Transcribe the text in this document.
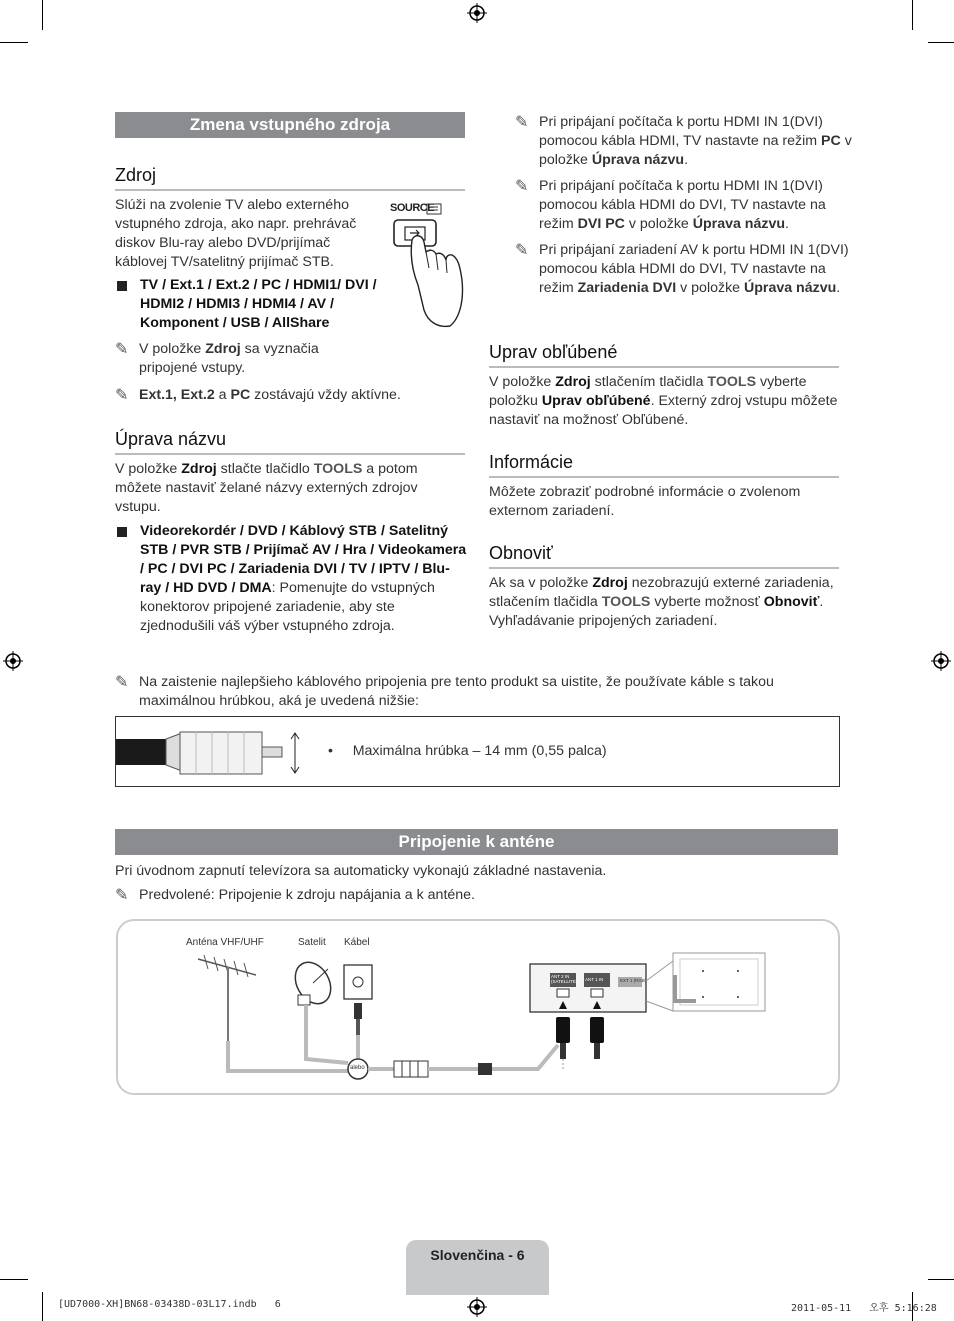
Zmena vstupného zdroja
Zdroj

Slúži na zvolenie TV alebo externého vstupného zdroja, ako napr. prehrávač diskov Blu-ray alebo DVD/prijímač káblovej TV/satelitný prijímač STB.

SOURCE
TV / Ext.1 / Ext.2 / PC / HDMI1/ DVI / HDMI2 / HDMI3 / HDMI4 / AV / Komponent / USB / AllShare
✎ V položke Zdroj sa vyznačia pripojené vstupy.
✎ Ext.1, Ext.2 a PC zostávajú vždy aktívne.
Úprava názvu

V položke Zdroj stlačte tlačidlo TOOLS a potom môžete nastaviť želané názvy externých zdrojov vstupu.

Videorekordér / DVD / Káblový STB / Satelitný STB / PVR STB / Prijímač AV / Hra / Videokamera / PC / DVI PC / Zariadenia DVI / TV / IPTV / Blu-ray / HD DVD / DMA: Pomenujte do vstupných konektorov pripojené zariadenie, aby ste zjednodušili váš výber vstupného zdroja.
✎ Pri pripájaní počítača k portu HDMI IN 1(DVI) pomocou kábla HDMI, TV nastavte na režim PC v položke Úprava názvu.
✎ Pri pripájaní počítača k portu HDMI IN 1(DVI) pomocou kábla HDMI do DVI, TV nastavte na režim DVI PC v položke Úprava názvu.
✎ Pri pripájaní zariadení AV k portu HDMI IN 1(DVI) pomocou kábla HDMI do DVI, TV nastavte na režim Zariadenia DVI v položke Úprava názvu.
Uprav obľúbené

V položke Zdroj stlačením tlačidla TOOLS vyberte položku Uprav obľúbené. Externý zdroj vstupu môžete nastaviť na možnosť Obľúbené.

Informácie

Môžete zobraziť podrobné informácie o zvolenom externom zariadení.

Obnoviť

Ak sa v položke Zdroj nezobrazujú externé zariadenia, stlačením tlačidla TOOLS vyberte možnosť Obnoviť. Vyhľadávanie pripojených zariadení.

✎ Na zaistenie najlepšieho káblového pripojenia pre tento produkt sa uistite, že používate káble s takou maximálnou hrúbkou, aká je uvedená nižšie:
• Maximálna hrúbka – 14 mm (0,55 palca)
Pripojenie k anténe

Pri úvodnom zapnutí televízora sa automaticky vykonajú základné nastavenia.

✎ Predvolené: Pripojenie k zdroju napájania a k anténe.
Anténa VHF/UHF	Satelit Kábel
alebo
ANT 2 IN (SATELLITE) ANT 1 IN	EXT 1 (RGB)
Slovenčina - 6
[UD7000-XH]BN68-03438D-03L17.indb   6	2011-05-11   오후 5:16:28
